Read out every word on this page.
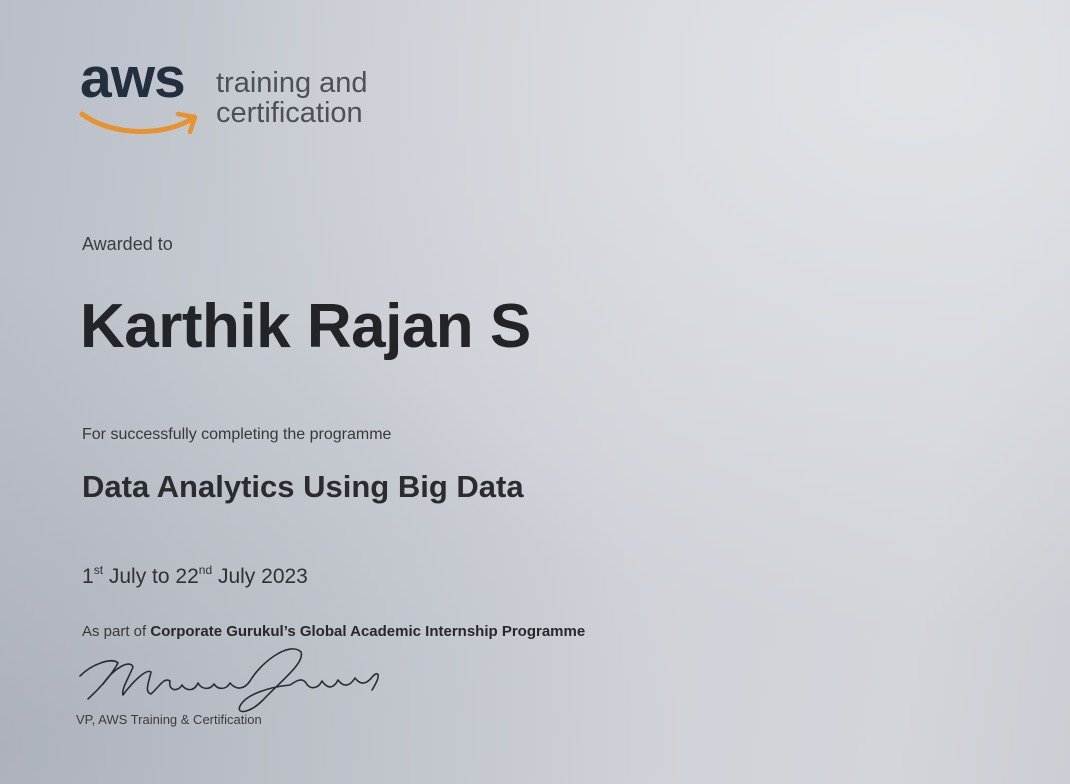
aws training and
certification
Awarded to
Karthik Rajan S
For successfully completing the programme
Data Analytics Using Big Data
1st July to 22nd July 2023
As part of Corporate Gurukul’s Global Academic Internship Programme
VP, AWS Training & Certification
